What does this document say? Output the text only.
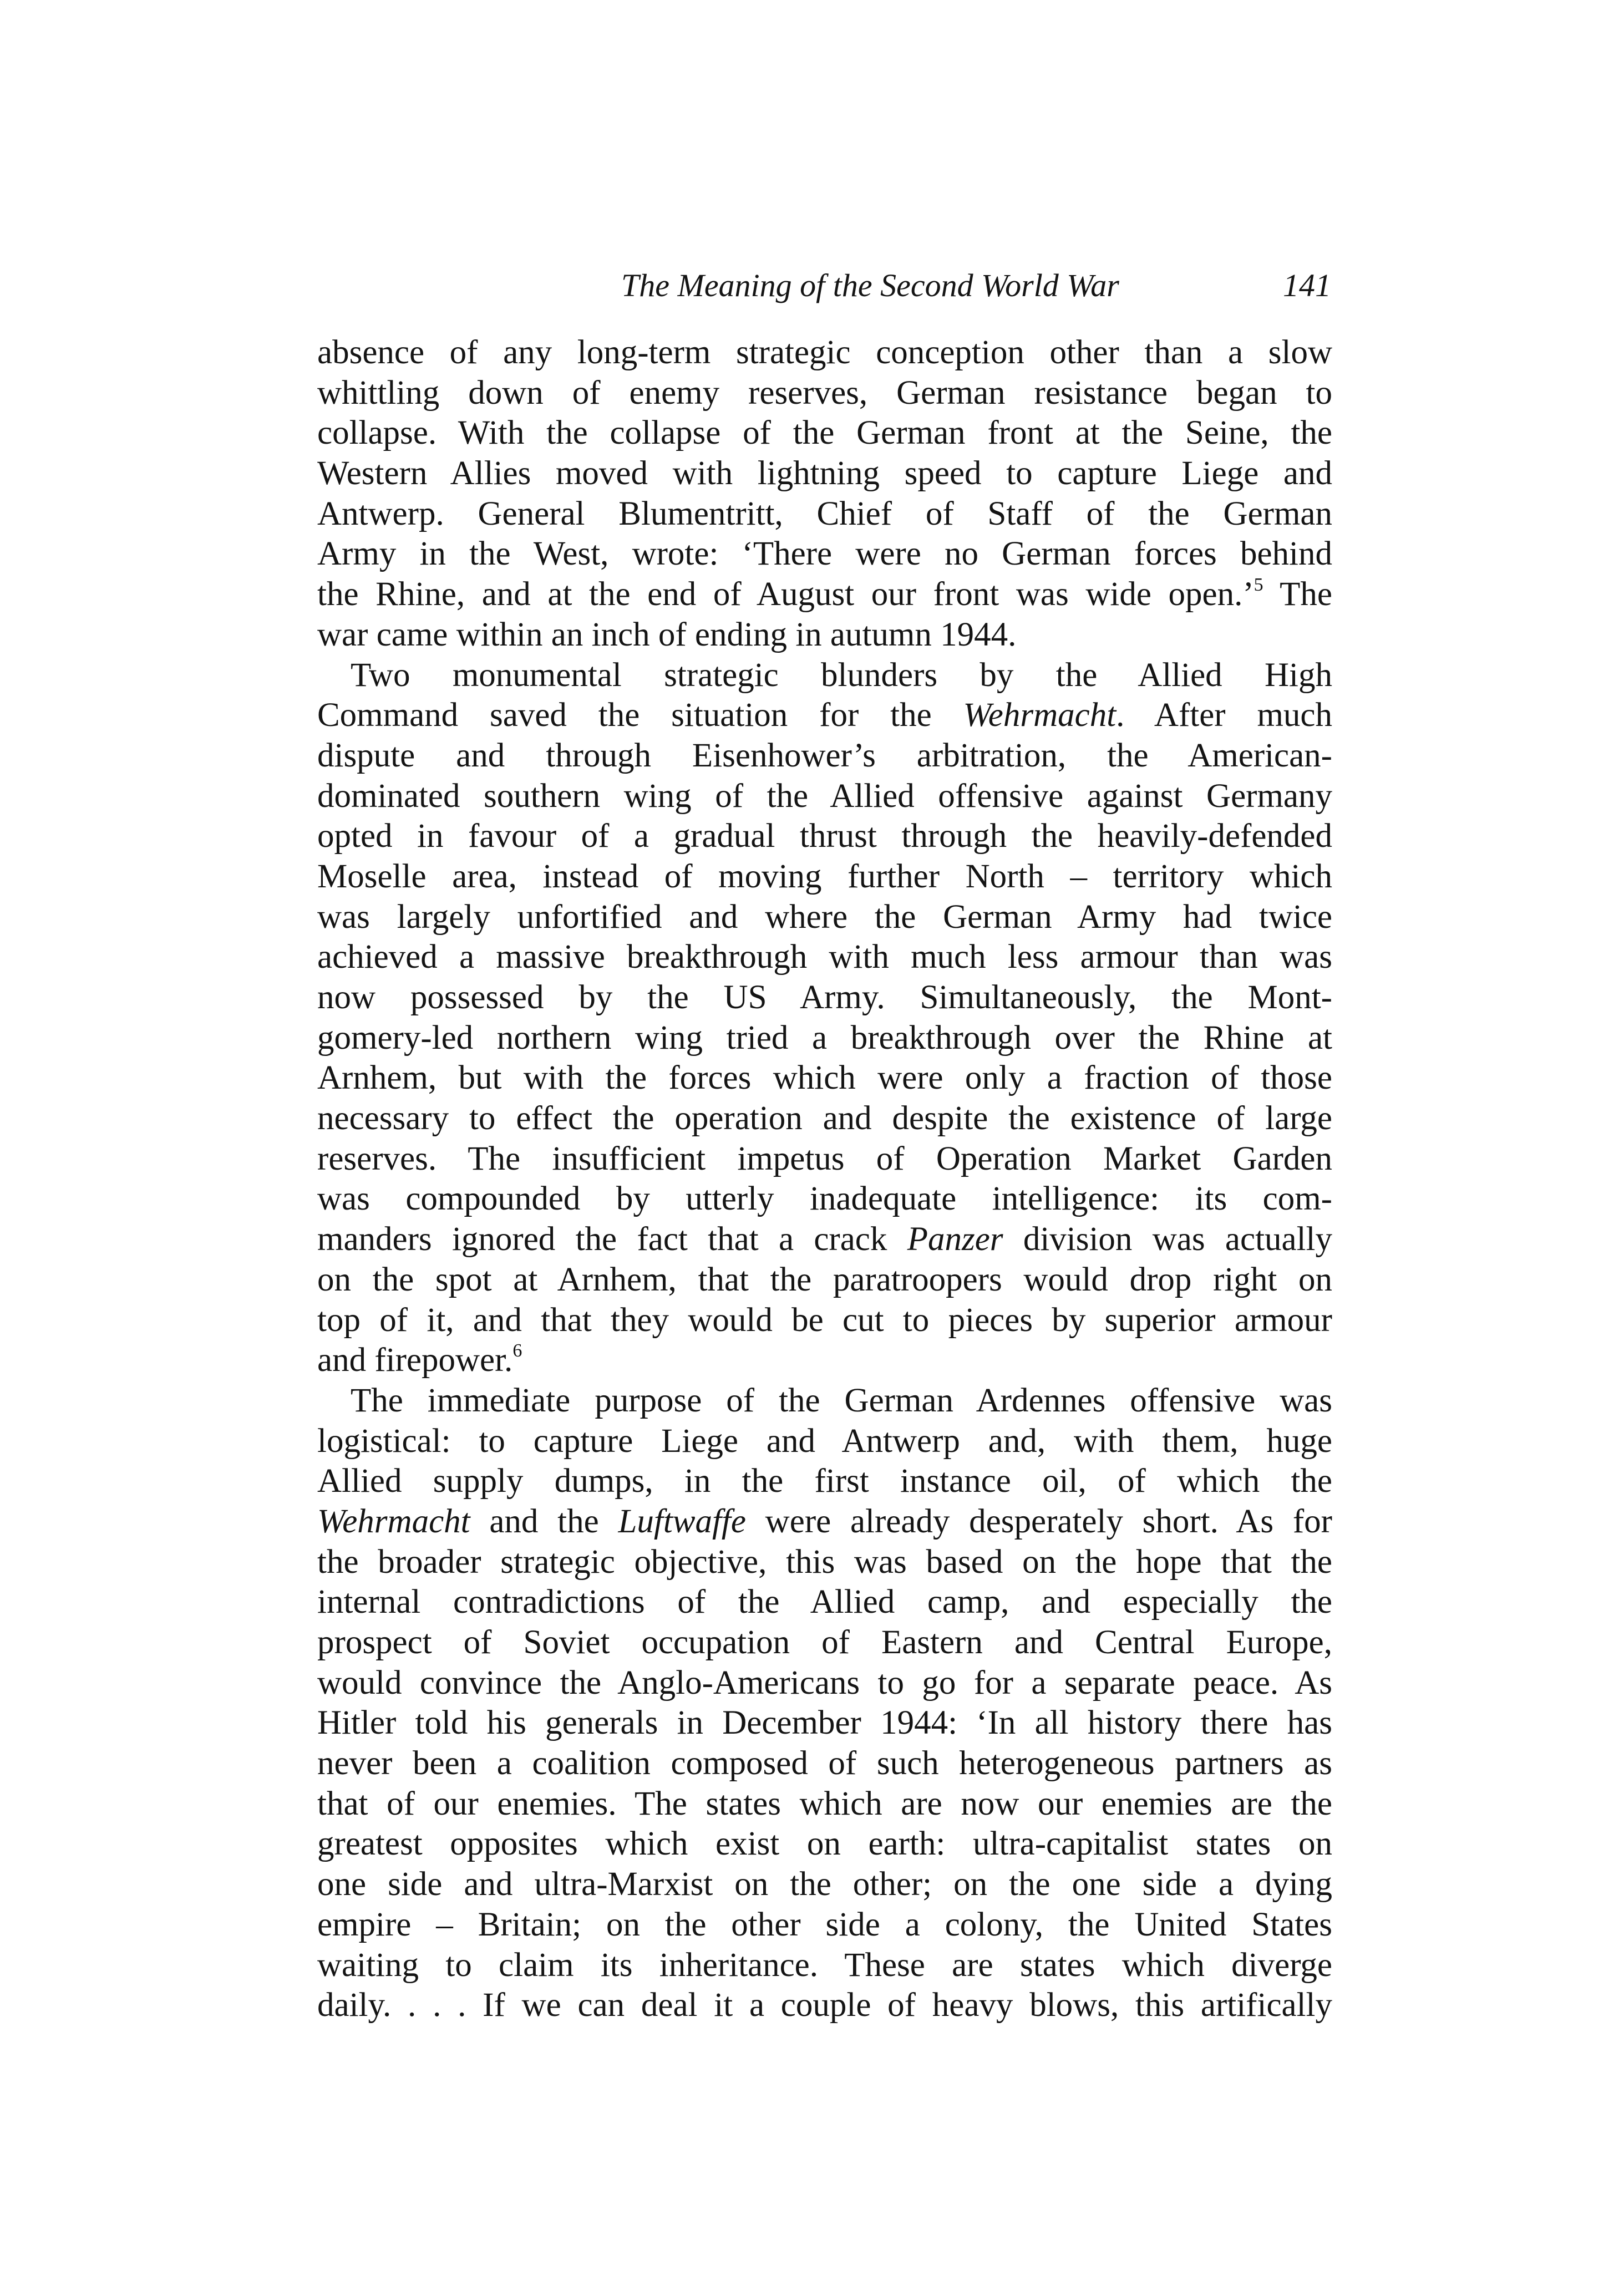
The Meaning of the Second World War	141
absence of any long-term strategic conception other than a slow
whittling down of enemy reserves, German resistance began to
collapse. With the collapse of the German front at the Seine, the
Western Allies moved with lightning speed to capture Liege and
Antwerp. General Blumentritt, Chief of Staff of the German
Army in the West, wrote: ‘There were no German forces behind
the Rhine, and at the end of August our front was wide open.’$^5$ The
war came within an inch of ending in autumn 1944.
Two monumental strategic blunders by the Allied High
Command saved the situation for the Wehrmacht. After much
dispute and through Eisenhower’s arbitration, the American-
dominated southern wing of the Allied offensive against Germany
opted in favour of a gradual thrust through the heavily-defended
Moselle area, instead of moving further North – territory which
was largely unfortified and where the German Army had twice
achieved a massive breakthrough with much less armour than was
now possessed by the US Army. Simultaneously, the Mont-
gomery-led northern wing tried a breakthrough over the Rhine at
Arnhem, but with the forces which were only a fraction of those
necessary to effect the operation and despite the existence of large
reserves. The insufficient impetus of Operation Market Garden
was compounded by utterly inadequate intelligence: its com-
manders ignored the fact that a crack Panzer division was actually
on the spot at Arnhem, that the paratroopers would drop right on
top of it, and that they would be cut to pieces by superior armour
and firepower.$^6$
The immediate purpose of the German Ardennes offensive was
logistical: to capture Liege and Antwerp and, with them, huge
Allied supply dumps, in the first instance oil, of which the
Wehrmacht and the Luftwaffe were already desperately short. As for
the broader strategic objective, this was based on the hope that the
internal contradictions of the Allied camp, and especially the
prospect of Soviet occupation of Eastern and Central Europe,
would convince the Anglo-Americans to go for a separate peace. As
Hitler told his generals in December 1944: ‘In all history there has
never been a coalition composed of such heterogeneous partners as
that of our enemies. The states which are now our enemies are the
greatest opposites which exist on earth: ultra-capitalist states on
one side and ultra-Marxist on the other; on the one side a dying
empire – Britain; on the other side a colony, the United States
waiting to claim its inheritance. These are states which diverge
daily. . . . If we can deal it a couple of heavy blows, this artifically
